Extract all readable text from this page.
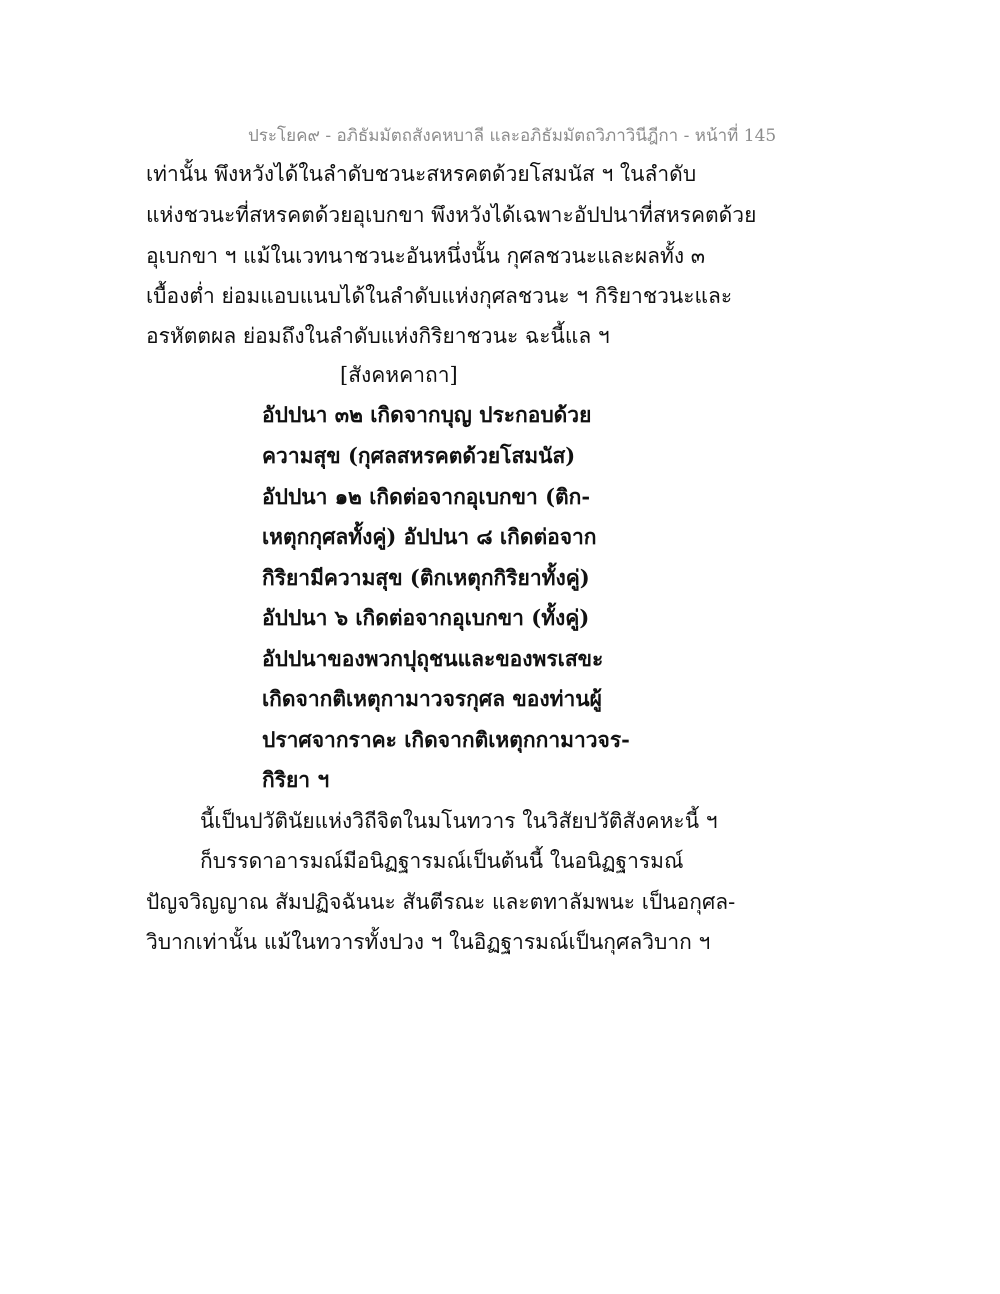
ประโยค๙ - อภิธัมมัตถสังคหบาลี และอภิธัมมัตถวิภาวินีฎีกา - หน้าที่ 145
เท่านั้น พึงหวังได้ในลำดับชวนะสหรคตด้วยโสมนัส ฯ ในลำดับ
แห่งชวนะที่สหรคตด้วยอุเบกขา พึงหวังได้เฉพาะอัปปนาที่สหรคตด้วย
อุเบกขา ฯ แม้ในเวทนาชวนะอันหนึ่งนั้น กุศลชวนะและผลทั้ง ๓
เบื้องต่ำ ย่อมแอบแนบได้ในลำดับแห่งกุศลชวนะ ฯ กิริยาชวนะและ
อรหัตตผล ย่อมถึงในลำดับแห่งกิริยาชวนะ ฉะนี้แล ฯ
[สังคหคาถา]
อัปปนา ๓๒ เกิดจากบุญ ประกอบด้วย
ความสุข (กุศลสหรคตด้วยโสมนัส)
อัปปนา ๑๒ เกิดต่อจากอุเบกขา (ติก-
เหตุกกุศลทั้งคู่) อัปปนา ๘ เกิดต่อจาก
กิริยามีความสุข (ติกเหตุกกิริยาทั้งคู่)
อัปปนา ๖ เกิดต่อจากอุเบกขา (ทั้งคู่)
อัปปนาของพวกปุถุชนและของพรเสขะ
เกิดจากติเหตุกามาวจรกุศล ของท่านผู้
ปราศจากราคะ เกิดจากติเหตุกกามาวจร-
กิริยา ฯ
นี้เป็นปวัตินัยแห่งวิถีจิตในมโนทวาร ในวิสัยปวัติสังคหะนี้ ฯ
ก็บรรดาอารมณ์มีอนิฏฐารมณ์เป็นต้นนี้ ในอนิฏฐารมณ์
ปัญจวิญญาณ สัมปฏิจฉันนะ สันตีรณะ และตทาลัมพนะ เป็นอกุศล-
วิบากเท่านั้น แม้ในทวารทั้งปวง ฯ ในอิฏฐารมณ์เป็นกุศลวิบาก ฯ
